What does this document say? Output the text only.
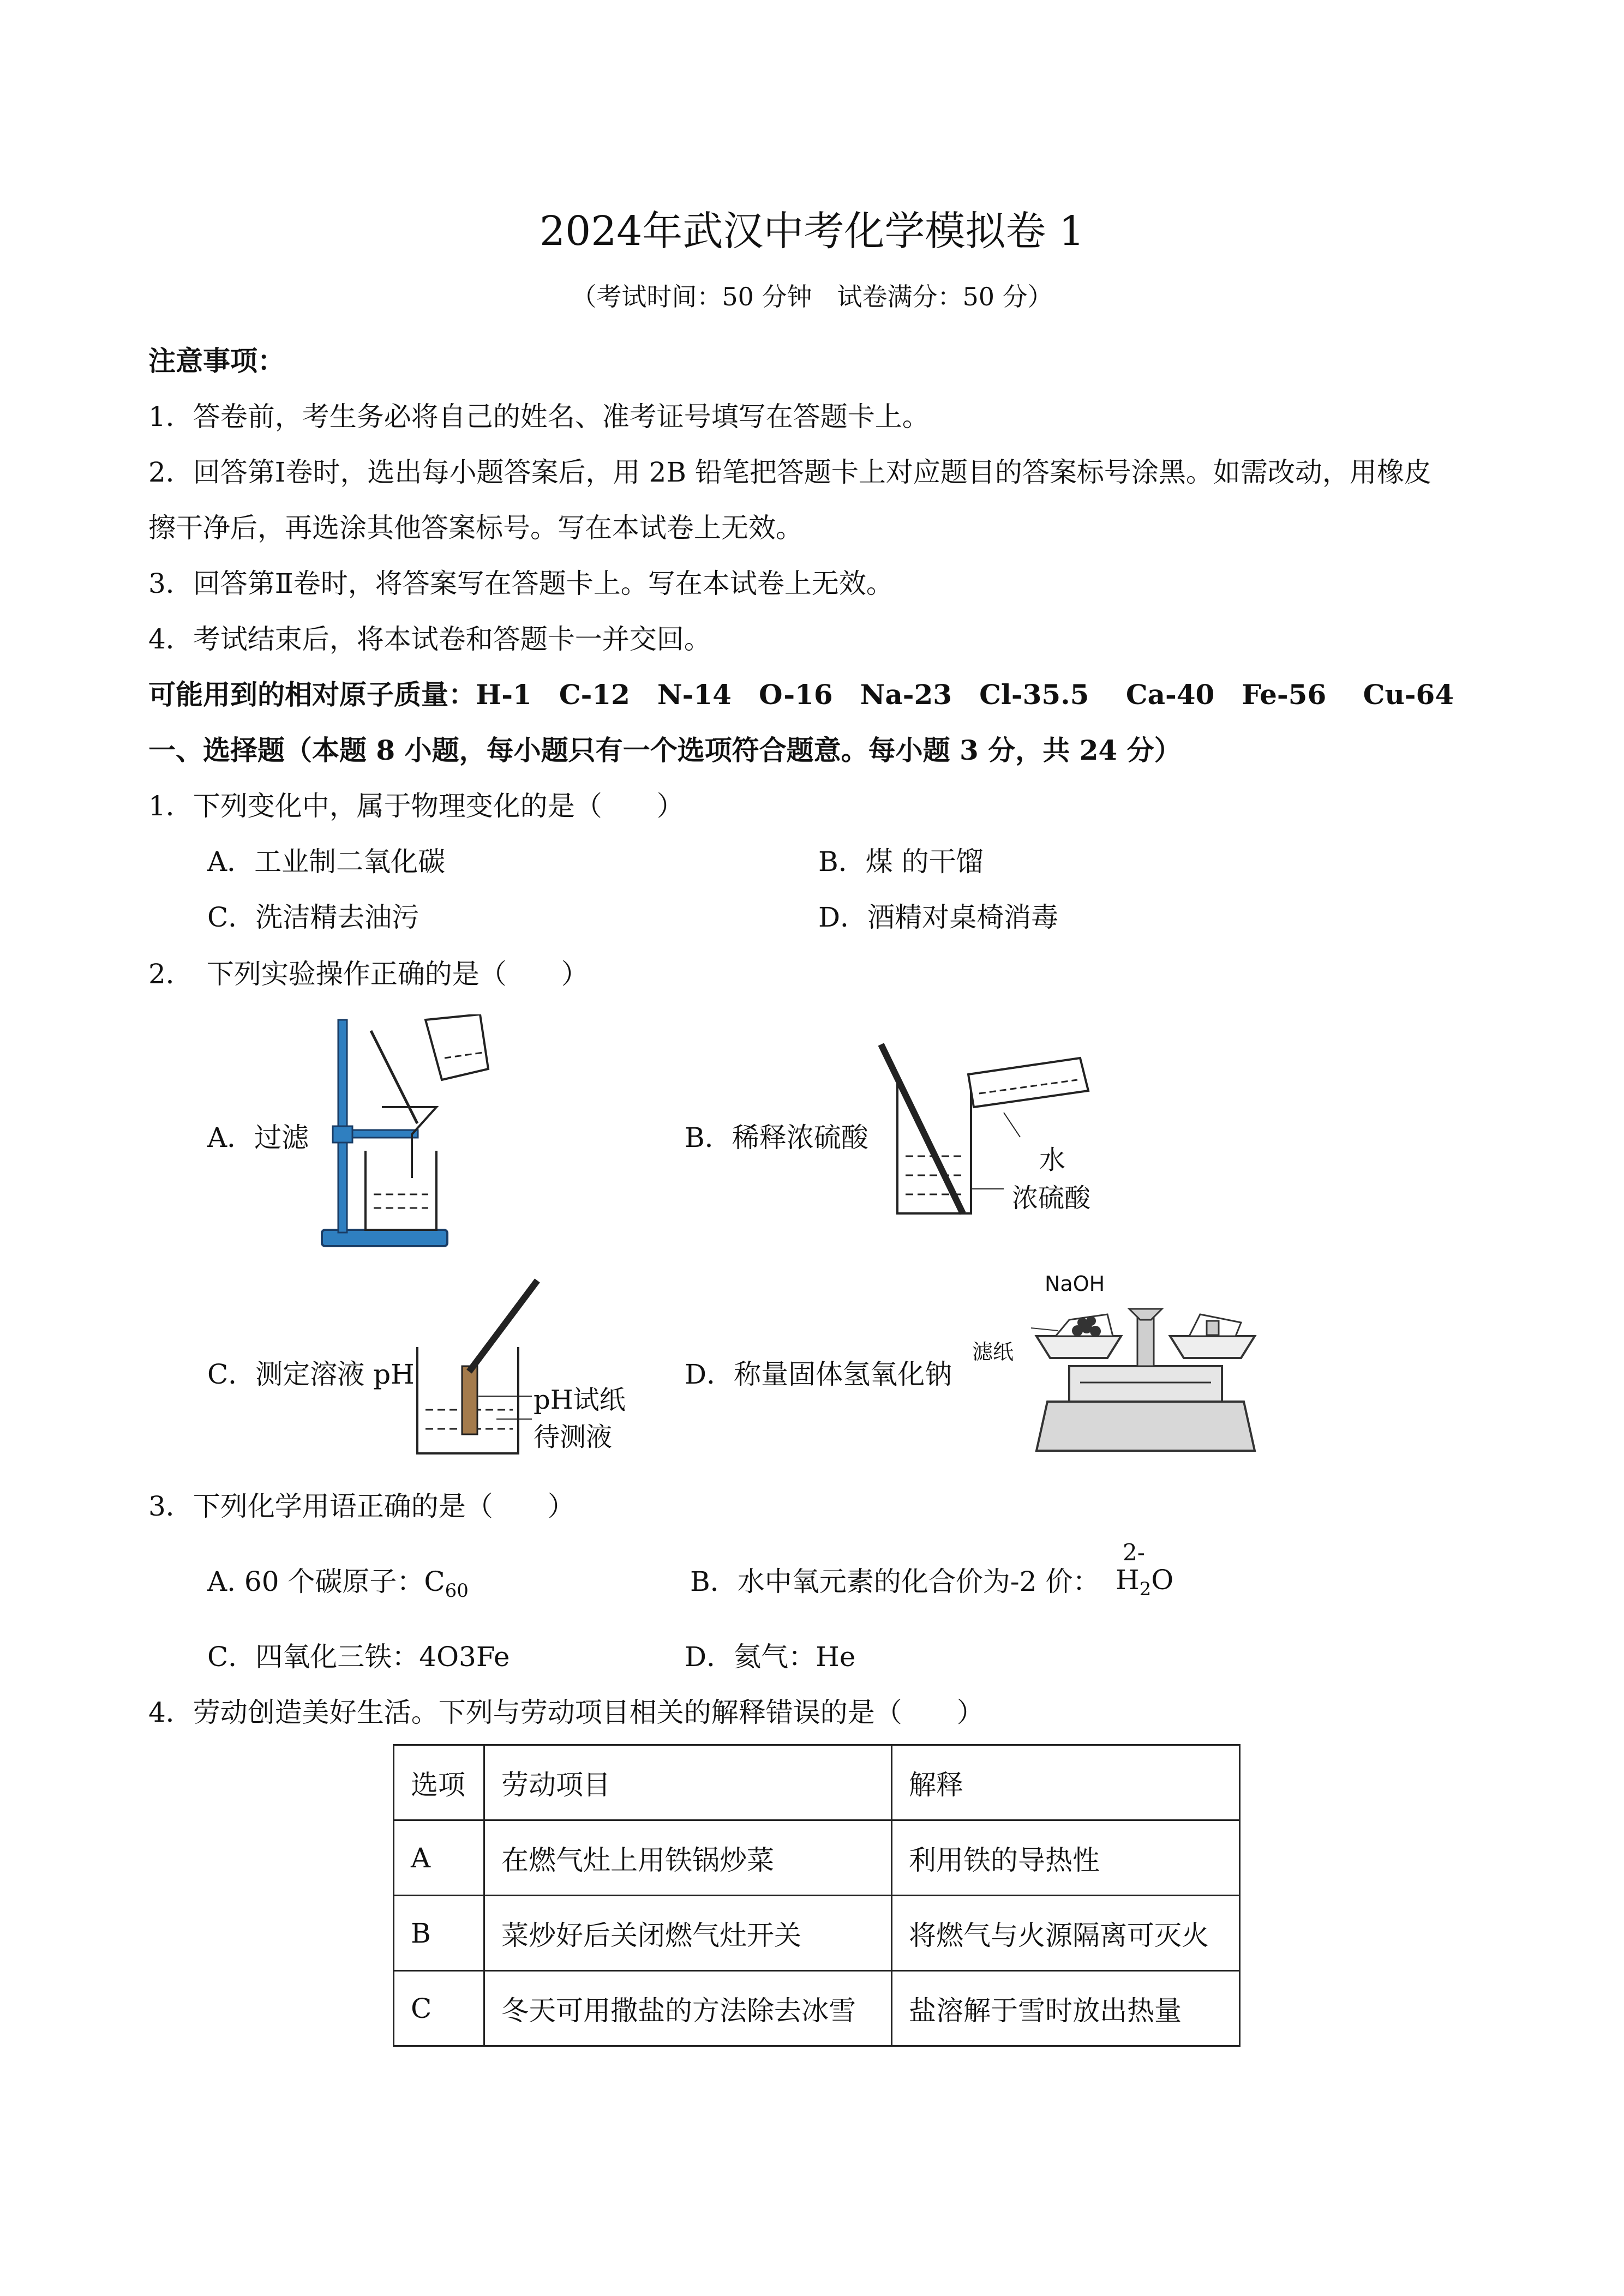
2024年武汉中考化学模拟卷 1
（考试时间：50 分钟　试卷满分：50 分）
注意事项：
1．答卷前，考生务必将自己的姓名、准考证号填写在答题卡上。
2．回答第Ⅰ卷时，选出每小题答案后，用 2B 铅笔把答题卡上对应题目的答案标号涂黑。如需改动，用橡皮
擦干净后，再选涂其他答案标号。写在本试卷上无效。
3．回答第Ⅱ卷时，将答案写在答题卡上。写在本试卷上无效。
4．考试结束后，将本试卷和答题卡一并交回。
可能用到的相对原子质量：H-1　C-12　N-14　O-16　Na-23　Cl-35.5　 Ca-40　Fe-56　 Cu-64
一、选择题（本题 8 小题，每小题只有一个选项符合题意。每小题 3 分，共 24 分）
1．下列变化中，属于物理变化的是（　　）
A．工业制二氧化碳	B．煤 的干馏
C．洗洁精去油污	D．酒精对桌椅消毒
2．　下列实验操作正确的是（　　）
A．过滤	B．稀释浓硫酸
水
浓硫酸
C．测定溶液 pH
pH试纸
待测液
D．称量固体氢氧化钠
NaOH
滤纸
3．下列化学用语正确的是（　　）
A. 60 个碳原子：$C_{60}$	B．水中氧元素的化合价为-2 价：
2-
$H_2O$
C．四氧化三铁：4O3Fe	D．氦气：He
4．劳动创造美好生活。下列与劳动项目相关的解释错误的是（　　）
选项	劳动项目	解释
A	在燃气灶上用铁锅炒菜	利用铁的导热性
B	菜炒好后关闭燃气灶开关	将燃气与火源隔离可灭火
C	冬天可用撒盐的方法除去冰雪	盐溶解于雪时放出热量
